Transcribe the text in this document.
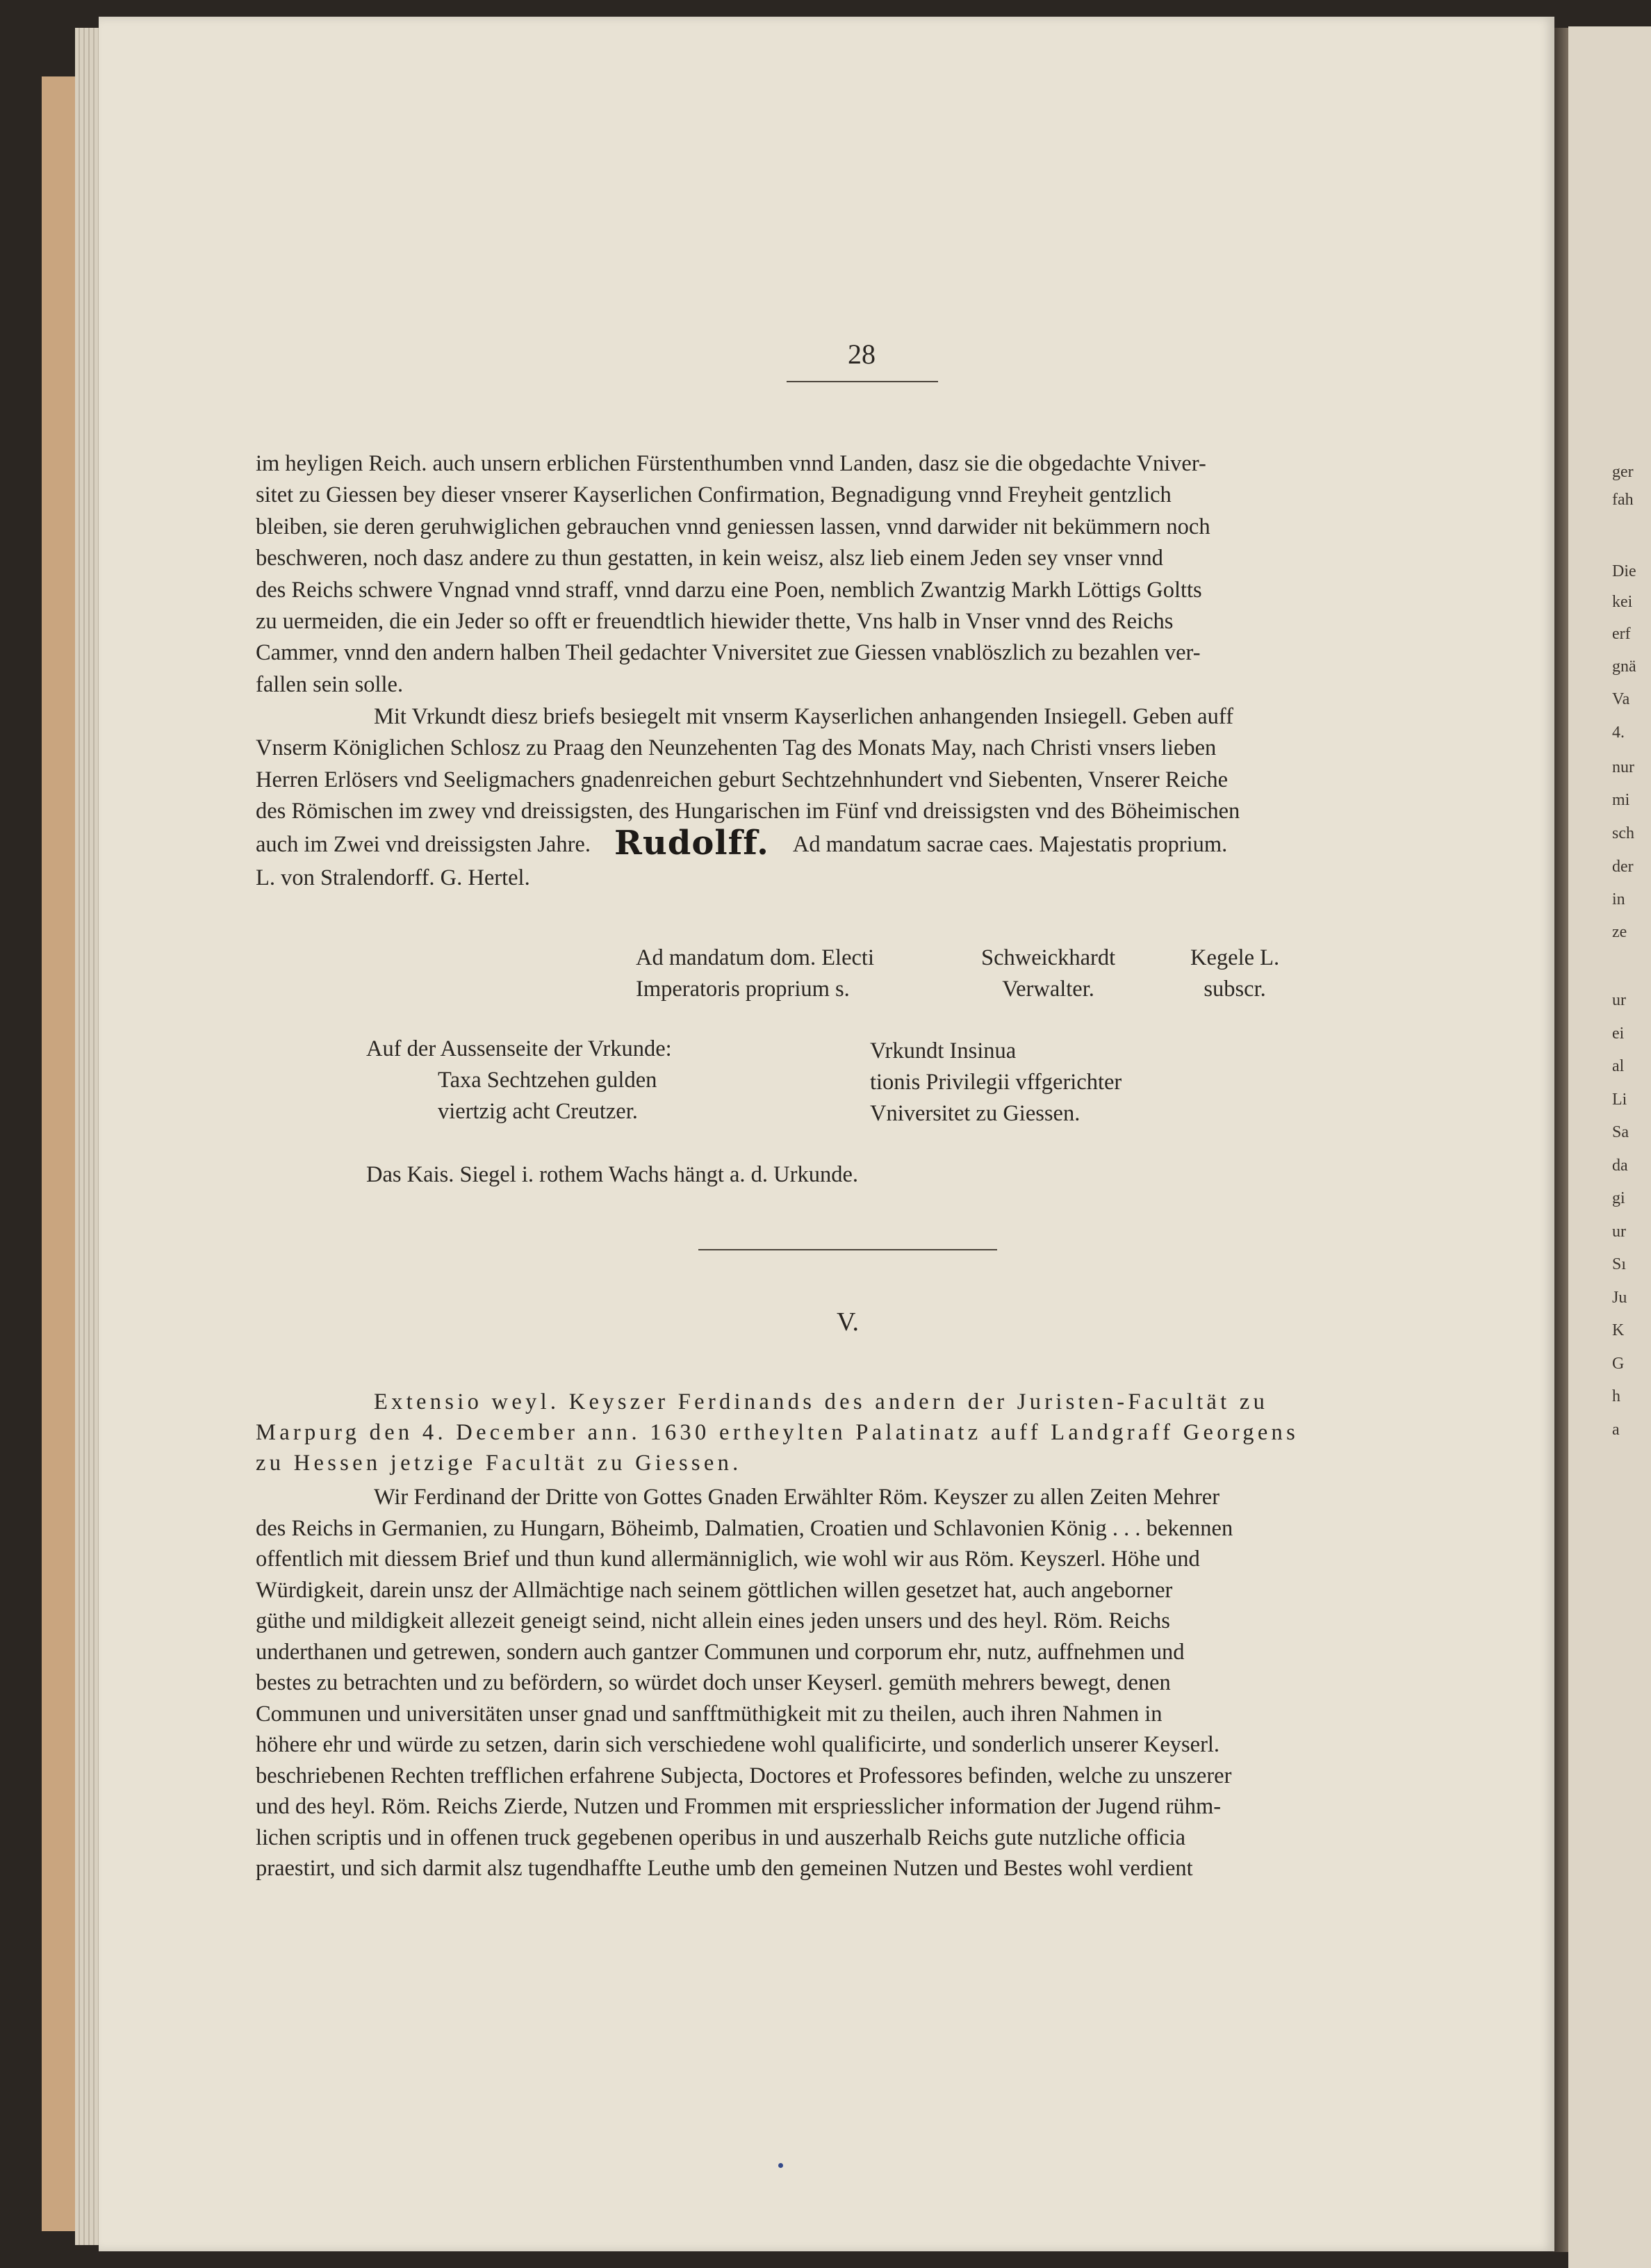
28
im heyligen Reich. auch unsern erblichen Fürstenthumben vnnd Landen, dasz sie die obgedachte Vniver-
sitet zu Giessen bey dieser vnserer Kayserlichen Confirmation, Begnadigung vnnd Freyheit gentzlich
bleiben, sie deren geruhwiglichen gebrauchen vnnd geniessen lassen, vnnd darwider nit bekümmern noch
beschweren, noch dasz andere zu thun gestatten, in kein weisz, alsz lieb einem Jeden sey vnser vnnd
des Reichs schwere Vngnad vnnd straff, vnnd darzu eine Poen, nemblich Zwantzig Markh Löttigs Goltts
zu uermeiden, die ein Jeder so offt er freuendtlich hiewider thette, Vns halb in Vnser vnnd des Reichs
Cammer, vnnd den andern halben Theil gedachter Vniversitet zue Giessen vnablöszlich zu bezahlen ver-
fallen sein solle.
Mit Vrkundt diesz briefs besiegelt mit vnserm Kayserlichen anhangenden Insiegell. Geben auff
Vnserm Königlichen Schlosz zu Praag den Neunzehenten Tag des Monats May, nach Christi vnsers lieben
Herren Erlösers vnd Seeligmachers gnadenreichen geburt Sechtzehnhundert vnd Siebenten, Vnserer Reiche
des Römischen im zwey vnd dreissigsten, des Hungarischen im Fünf vnd dreissigsten vnd des Böheimischen
auch im Zwei vnd dreissigsten Jahre. Rudolff. Ad mandatum sacrae caes. Majestatis proprium.
L. von Stralendorff. G. Hertel.
Ad mandatum dom. Electi
Imperatoris proprium s.
Schweickhardt
Verwalter.
Kegele L.
subscr.
Auf der Aussenseite der Vrkunde:
Taxa Sechtzehen gulden
viertzig acht Creutzer.
Vrkundt Insinua
tionis Privilegii vffgerichter
Vniversitet zu Giessen.
Das Kais. Siegel i. rothem Wachs hängt a. d. Urkunde.
V.
Extensio weyl. Keyszer Ferdinands des andern der Juristen-Facultät zu
Marpurg den 4. December ann. 1630 ertheylten Palatinatz auff Landgraff Georgens
zu Hessen jetzige Facultät zu Giessen.
Wir Ferdinand der Dritte von Gottes Gnaden Erwählter Röm. Keyszer zu allen Zeiten Mehrer
des Reichs in Germanien, zu Hungarn, Böheimb, Dalmatien, Croatien und Schlavonien König . . . bekennen
offentlich mit diessem Brief und thun kund allermänniglich, wie wohl wir aus Röm. Keyszerl. Höhe und
Würdigkeit, darein unsz der Allmächtige nach seinem göttlichen willen gesetzet hat, auch angeborner
güthe und mildigkeit allezeit geneigt seind, nicht allein eines jeden unsers und des heyl. Röm. Reichs
underthanen und getrewen, sondern auch gantzer Communen und corporum ehr, nutz, auffnehmen und
bestes zu betrachten und zu befördern, so würdet doch unser Keyserl. gemüth mehrers bewegt, denen
Communen und universitäten unser gnad und sanfftmüthigkeit mit zu theilen, auch ihren Nahmen in
höhere ehr und würde zu setzen, darin sich verschiedene wohl qualificirte, und sonderlich unserer Keyserl.
beschriebenen Rechten trefflichen erfahrene Subjecta, Doctores et Professores befinden, welche zu unszerer
und des heyl. Röm. Reichs Zierde, Nutzen und Frommen mit erspriesslicher information der Jugend rühm-
lichen scriptis und in offenen truck gegebenen operibus in und auszerhalb Reichs gute nutzliche officia
praestirt, und sich darmit alsz tugendhaffte Leuthe umb den gemeinen Nutzen und Bestes wohl verdient
ger
fah
Die
kei
erf
gnä
Va
4.
nur
mi
sch
der
in
ze
ur
ei
al
Li
Sa
da
gi
ur
Sı
Ju
K
G
h
a
